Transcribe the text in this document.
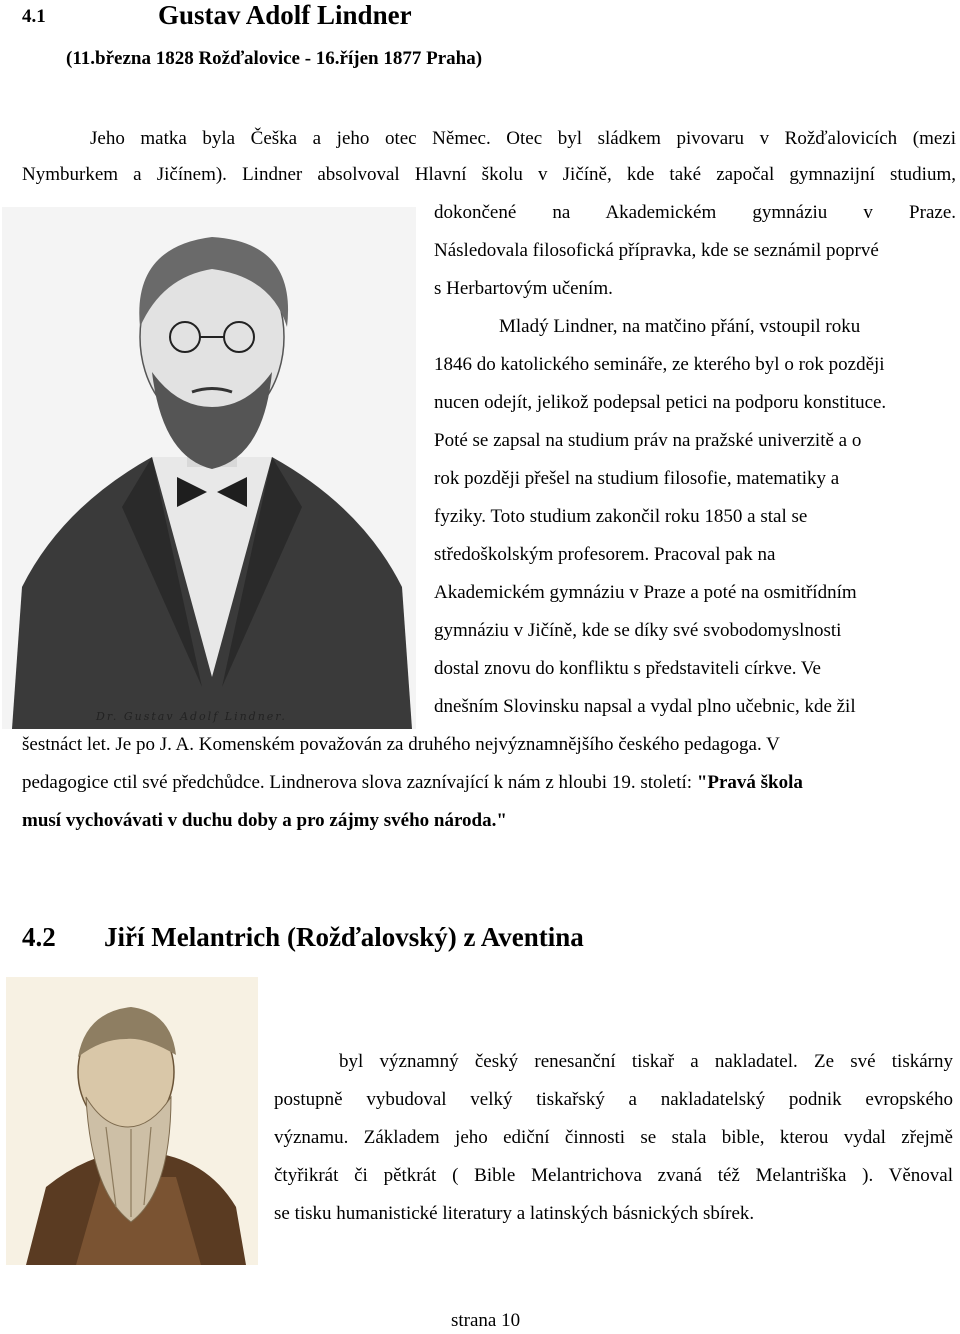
4.1	Gustav Adolf Lindner
(11.března 1828 Rožďalovice - 16.říjen 1877 Praha)
Jeho matka byla Češka a jeho otec Němec. Otec byl sládkem pivovaru v Rožďalovicích (mezi
Nymburkem a Jičínem). Lindner absolvoval Hlavní školu v Jičíně, kde také započal gymnazijní studium,
dokončené na Akademickém gymnáziu v Praze.
Následovala filosofická přípravka, kde se seznámil poprvé
s Herbartovým učením.
Mladý Lindner, na matčino přání, vstoupil roku
1846 do katolického semináře, ze kterého byl o rok později
nucen odejít, jelikož podepsal petici na podporu konstituce.
Poté se zapsal na studium práv na pražské univerzitě a o
rok později přešel na studium filosofie, matematiky a
fyziky. Toto studium zakončil roku 1850 a stal se
středoškolským profesorem. Pracoval pak na
Akademickém gymnáziu v Praze a poté na osmitřídním
gymnáziu v Jičíně, kde se díky své svobodomyslnosti
dostal znovu do konfliktu s představiteli církve. Ve
dnešním Slovinsku napsal a vydal plno učebnic, kde žil
šestnáct let. Je po J. A. Komenském považován za druhého nejvýznamnějšího českého pedagoga. V
pedagogice ctil své předchůdce. Lindnerova slova zaznívající k nám z hloubi 19. století: "Pravá škola
musí vychovávati v duchu doby a pro zájmy svého národa."
Dr. Gustav Adolf Lindner.
4.2 Jiří Melantrich (Rožďalovský) z Aventina
byl významný český renesanční tiskař a nakladatel. Ze své tiskárny
postupně vybudoval velký tiskařský a nakladatelský podnik evropského
významu. Základem jeho ediční činnosti se stala bible, kterou vydal zřejmě
čtyřikrát či pětkrát ( Bible Melantrichova zvaná též Melantriška ). Věnoval
se tisku humanistické literatury a latinských básnických sbírek.
strana 10
